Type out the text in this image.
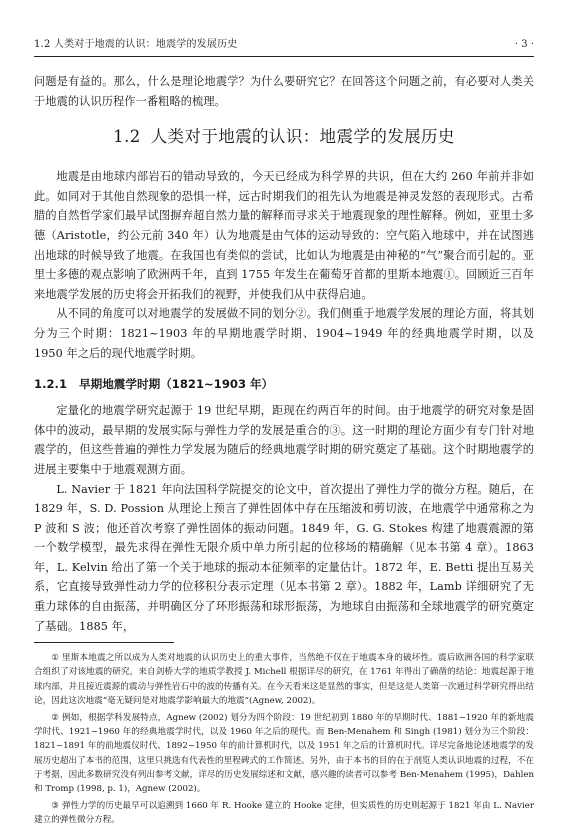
1.2 人类对于地震的认识：地震学的发展历史	· 3 ·

问题是有益的。那么，什么是理论地震学？为什么要研究它？在回答这个问题之前，有必要对人类关于地震的认识历程作一番粗略的梳理。

1.2 人类对于地震的认识：地震学的发展历史

地震是由地球内部岩石的错动导致的，今天已经成为科学界的共识，但在大约 260 年前并非如此。如同对于其他自然现象的恐惧一样，远古时期我们的祖先认为地震是神灵发怒的表现形式。古希腊的自然哲学家们最早试图摒弃超自然力量的解释而寻求关于地震现象的理性解释。例如，亚里士多德（Aristotle，约公元前 340 年）认为地震是由气体的运动导致的：空气陷入地球中，并在试图逃出地球的时候导致了地震。在我国也有类似的尝试，比如认为地震是由神秘的“气”聚合而引起的。亚里士多德的观点影响了欧洲两千年，直到 1755 年发生在葡萄牙首都的里斯本地震①。回顾近三百年来地震学发展的历史将会开拓我们的视野，并使我们从中获得启迪。

从不同的角度可以对地震学的发展做不同的划分②。我们侧重于地震学发展的理论方面，将其划分为三个时期：1821~1903 年的早期地震学时期、1904~1949 年的经典地震学时期，以及 1950 年之后的现代地震学时期。

1.2.1 早期地震学时期（1821~1903 年）

定量化的地震学研究起源于 19 世纪早期，距现在约两百年的时间。由于地震学的研究对象是固体中的波动，最早期的发展实际与弹性力学的发展是重合的③。这一时期的理论方面少有专门针对地震学的，但这些普遍的弹性力学发展为随后的经典地震学时期的研究奠定了基础。这个时期地震学的进展主要集中于地震观测方面。

L. Navier 于 1821 年向法国科学院提交的论文中，首次提出了弹性力学的微分方程。随后，在 1829 年，S. D. Possion 从理论上预言了弹性固体中存在压缩波和剪切波，在地震学中通常称之为 P 波和 S 波；他还首次考察了弹性固体的振动问题。1849 年，G. G. Stokes 构建了地震震源的第一个数学模型，最先求得在弹性无限介质中单力所引起的位移场的精确解（见本书第 4 章）。1863 年，L. Kelvin 给出了第一个关于地球的振动本征频率的定量估计。1872 年，E. Betti 提出互易关系，它直接导致弹性动力学的位移积分表示定理（见本书第 2 章）。1882 年，Lamb 详细研究了无重力球体的自由振荡，并明确区分了环形振荡和球形振荡，为地球自由振荡和全球地震学的研究奠定了基础。1885 年，

① 里斯本地震之所以成为人类对地震的认识历史上的重大事件，当然绝不仅在于地震本身的破坏性。震后欧洲各国的科学家联合组织了对该地震的研究，来自剑桥大学的地质学教授 J. Michell 根据详尽的研究，在 1761 年得出了确凿的结论：地震起源于地球内部，并且接近震源的震动与弹性岩石中的波的传播有关。在今天看来这是显然的事实，但是这是人类第一次通过科学研究得出结论，因此这次地震“毫无疑问是对地震学影响最大的地震”(Agnew, 2002)。

② 例如，根据学科发展特点，Agnew (2002) 划分为四个阶段：19 世纪初到 1880 年的早期时代、1881~1920 年的新地震学时代、1921~1960 年的经典地震学时代，以及 1960 年之后的现代。而 Ben-Menahem 和 Singh (1981) 划分为三个阶段：1821~1891 年的前地震仪时代、1892~1950 年的前计算机时代，以及 1951 年之后的计算机时代。详尽完备地论述地震学的发展历史超出了本书的范围，这里只挑选有代表性的里程碑式的工作简述。另外，由于本书的目的在于剖览人类认识地震的过程，不在于考据，因此多数研究没有列出参考文献，详尽的历史发展综述和文献，感兴趣的读者可以参考 Ben-Menahem (1995)，Dahlen 和 Tromp (1998, p. 1)，Agnew (2002)。

③ 弹性力学的历史最早可以追溯到 1660 年 R. Hooke 建立的 Hooke 定律，但实质性的历史则起源于 1821 年由 L. Navier 建立的弹性微分方程。
